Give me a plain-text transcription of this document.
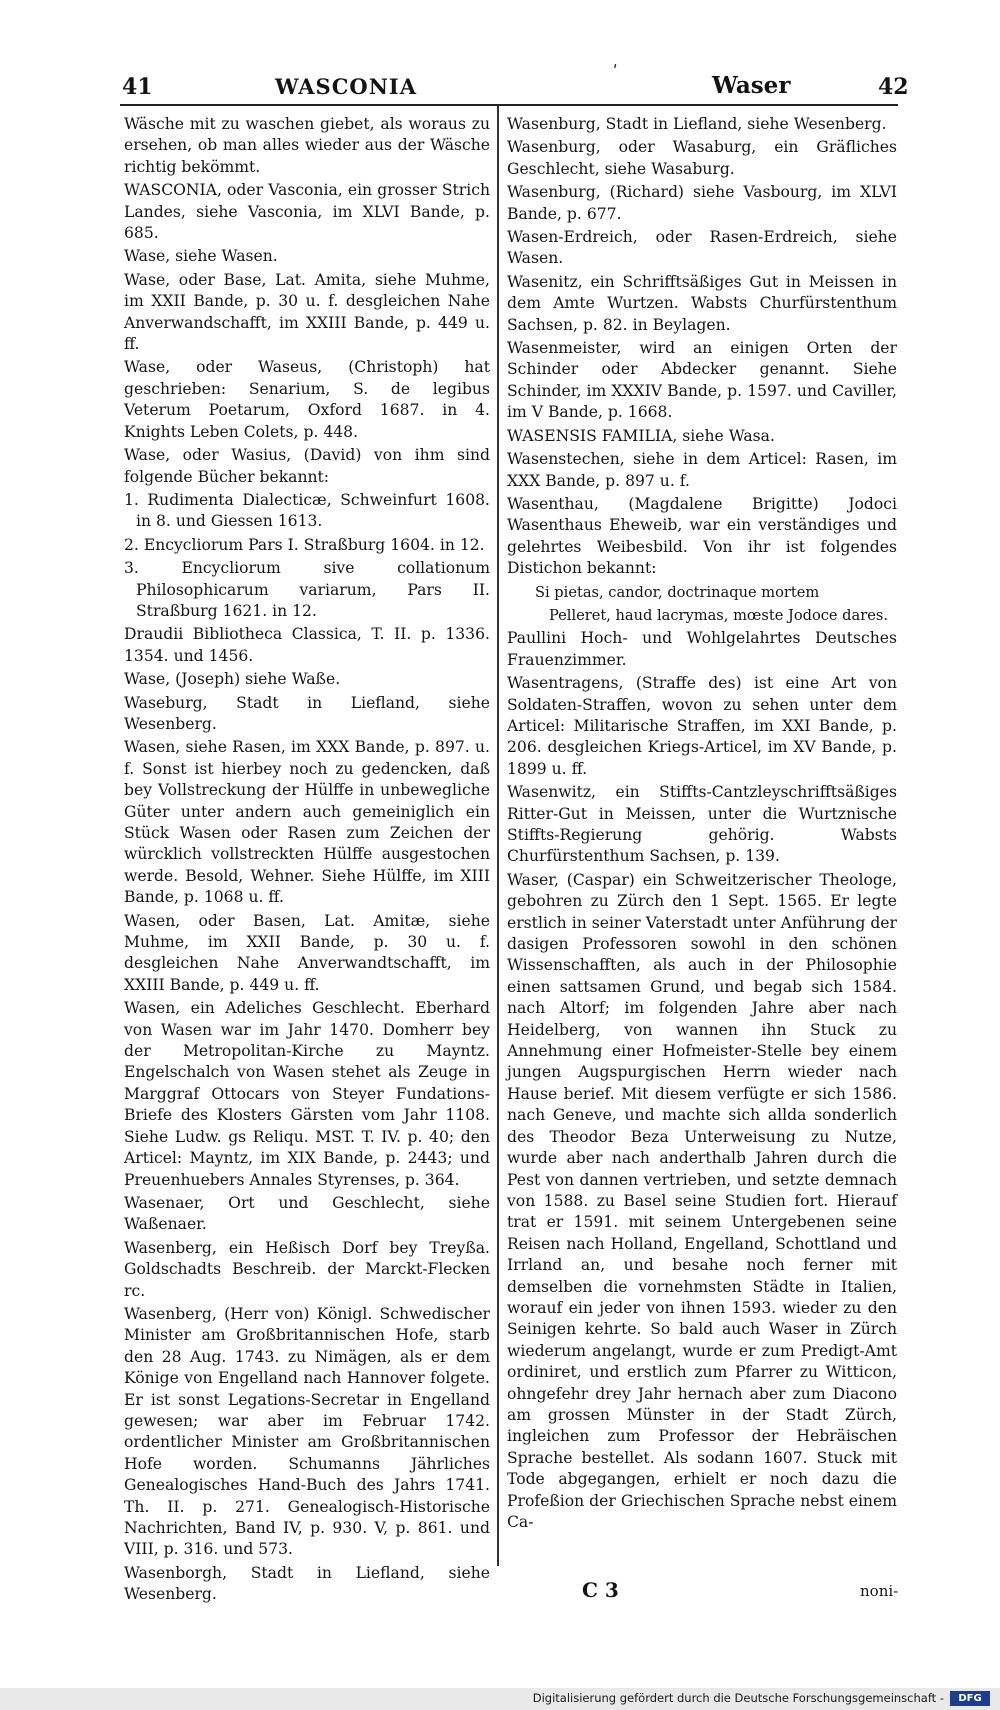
41	WASCONIA
ʹ
Waser	42

Wäsche mit zu waschen giebet, als woraus zu ersehen, ob man alles wieder aus der Wäsche richtig bekömmt.

WASCONIA, oder Vasconia, ein grosser Strich Landes, siehe Vasconia, im XLVI Bande, p. 685.

Wase, siehe Wasen.

Wase, oder Base, Lat. Amita, siehe Muhme, im XXII Bande, p. 30 u. f. desgleichen Nahe Anverwandschafft, im XXIII Bande, p. 449 u. ff.

Wase, oder Waseus, (Christoph) hat geschrieben: Senarium, S. de legibus Veterum Poetarum, Oxford 1687. in 4. Knights Leben Colets, p. 448.

Wase, oder Wasius, (David) von ihm sind folgende Bücher bekannt:

1. Rudimenta Dialecticæ, Schweinfurt 1608. in 8. und Giessen 1613.

2. Encycliorum Pars I. Straßburg 1604. in 12.

3. Encycliorum sive collationum Philosophicarum variarum, Pars II. Straßburg 1621. in 12.

Draudii Bibliotheca Classica, T. II. p. 1336. 1354. und 1456.

Wase, (Joseph) siehe Waße.

Waseburg, Stadt in Liefland, siehe Wesenberg.

Wasen, siehe Rasen, im XXX Bande, p. 897. u. f. Sonst ist hierbey noch zu gedencken, daß bey Vollstreckung der Hülffe in unbewegliche Güter unter andern auch gemeiniglich ein Stück Wasen oder Rasen zum Zeichen der würcklich vollstreckten Hülffe ausgestochen werde. Besold, Wehner. Siehe Hülffe, im XIII Bande, p. 1068 u. ff.

Wasen, oder Basen, Lat. Amitæ, siehe Muhme, im XXII Bande, p. 30 u. f. desgleichen Nahe Anverwandtschafft, im XXIII Bande, p. 449 u. ff.

Wasen, ein Adeliches Geschlecht. Eberhard von Wasen war im Jahr 1470. Domherr bey der Metropolitan-Kirche zu Mayntz. Engelschalch von Wasen stehet als Zeuge in Marggraf Ottocars von Steyer Fundations-Briefe des Klosters Gärsten vom Jahr 1108. Siehe Ludw. gs Reliqu. MST. T. IV. p. 40; den Articel: Mayntz, im XIX Bande, p. 2443; und Preuenhuebers Annales Styrenses, p. 364.

Wasenaer, Ort und Geschlecht, siehe Waßenaer.

Wasenberg, ein Heßisch Dorf bey Treyßa. Goldschadts Beschreib. der Marckt-Flecken rc.

Wasenberg, (Herr von) Königl. Schwedischer Minister am Großbritannischen Hofe, starb den 28 Aug. 1743. zu Nimägen, als er dem Könige von Engelland nach Hannover folgete. Er ist sonst Legations-Secretar in Engelland gewesen; war aber im Februar 1742. ordentlicher Minister am Großbritannischen Hofe worden. Schumanns Jährliches Genealogisches Hand-Buch des Jahrs 1741. Th. II. p. 271. Genealogisch-Historische Nachrichten, Band IV, p. 930. V, p. 861. und VIII, p. 316. und 573.

Wasenborgh, Stadt in Liefland, siehe Wesenberg.

Wasenburg, Stadt in Liefland, siehe Wesenberg.

Wasenburg, oder Wasaburg, ein Gräfliches Geschlecht, siehe Wasaburg.

Wasenburg, (Richard) siehe Vasbourg, im XLVI Bande, p. 677.

Wasen-Erdreich, oder Rasen-Erdreich, siehe Wasen.

Wasenitz, ein Schrifftsäßiges Gut in Meissen in dem Amte Wurtzen. Wabsts Churfürstenthum Sachsen, p. 82. in Beylagen.

Wasenmeister, wird an einigen Orten der Schinder oder Abdecker genannt. Siehe Schinder, im XXXIV Bande, p. 1597. und Caviller, im V Bande, p. 1668.

WASENSIS FAMILIA, siehe Wasa.

Wasenstechen, siehe in dem Articel: Rasen, im XXX Bande, p. 897 u. f.

Wasenthau, (Magdalene Brigitte) Jodoci Wasenthaus Eheweib, war ein verständiges und gelehrtes Weibesbild. Von ihr ist folgendes Distichon bekannt:

Si pietas, candor, doctrinaque mortem

Pelleret, haud lacrymas, mœste Jodoce dares.

Paullini Hoch- und Wohlgelahrtes Deutsches Frauenzimmer.

Wasentragens, (Straffe des) ist eine Art von Soldaten-Straffen, wovon zu sehen unter dem Articel: Militarische Straffen, im XXI Bande, p. 206. desgleichen Kriegs-Articel, im XV Bande, p. 1899 u. ff.

Wasenwitz, ein Stiffts-Cantzleyschrifftsäßiges Ritter-Gut in Meissen, unter die Wurtznische Stiffts-Regierung gehörig. Wabsts Churfürstenthum Sachsen, p. 139.

Waser, (Caspar) ein Schweitzerischer Theologe, gebohren zu Zürch den 1 Sept. 1565. Er legte erstlich in seiner Vaterstadt unter Anführung der dasigen Professoren sowohl in den schönen Wissenschafften, als auch in der Philosophie einen sattsamen Grund, und begab sich 1584. nach Altorf; im folgenden Jahre aber nach Heidelberg, von wannen ihn Stuck zu Annehmung einer Hofmeister-Stelle bey einem jungen Augspurgischen Herrn wieder nach Hause berief. Mit diesem verfügte er sich 1586. nach Geneve, und machte sich allda sonderlich des Theodor Beza Unterweisung zu Nutze, wurde aber nach anderthalb Jahren durch die Pest von dannen vertrieben, und setzte demnach von 1588. zu Basel seine Studien fort. Hierauf trat er 1591. mit seinem Untergebenen seine Reisen nach Holland, Engelland, Schottland und Irrland an, und besahe noch ferner mit demselben die vornehmsten Städte in Italien, worauf ein jeder von ihnen 1593. wieder zu den Seinigen kehrte. So bald auch Waser in Zürch wiederum angelangt, wurde er zum Predigt-Amt ordiniret, und erstlich zum Pfarrer zu Witticon, ohngefehr drey Jahr hernach aber zum Diacono am grossen Münster in der Stadt Zürch, ingleichen zum Professor der Hebräischen Sprache bestellet. Als sodann 1607. Stuck mit Tode abgegangen, erhielt er noch dazu die Profeßion der Griechischen Sprache nebst einem Ca-

C 3	noni-
Digitalisierung gefördert durch die Deutsche Forschungsgemeinschaft -	DFG
